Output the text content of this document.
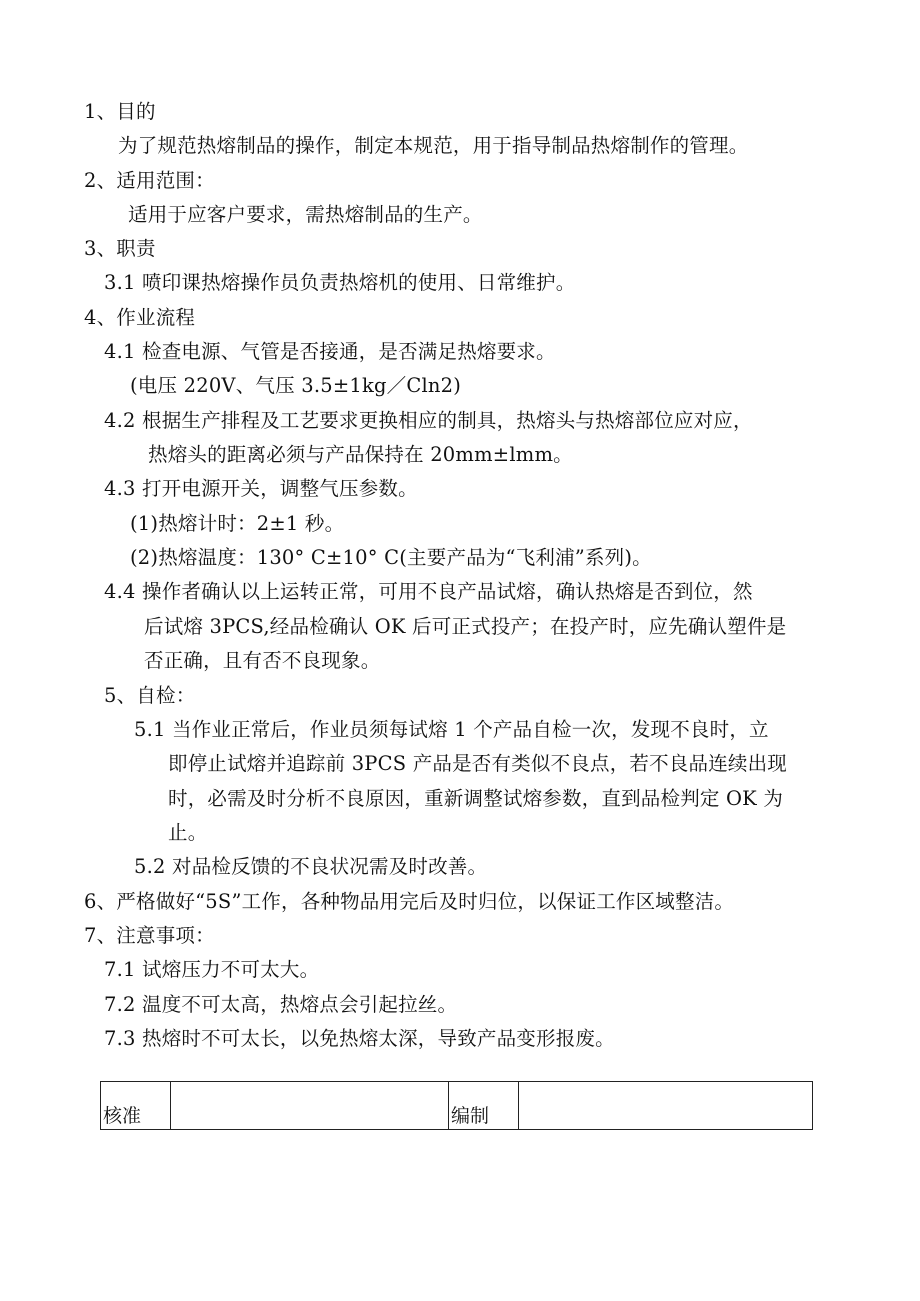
1、目的
为了规范热熔制品的操作，制定本规范，用于指导制品热熔制作的管理。
2、适用范围：
适用于应客户要求，需热熔制品的生产。
3、职责
3.1 喷印课热熔操作员负责热熔机的使用、日常维护。
4、作业流程
4.1 检查电源、气管是否接通，是否满足热熔要求。
(电压 220V、气压 3.5±1kg／Cln2)
4.2 根据生产排程及工艺要求更换相应的制具，热熔头与热熔部位应对应，
热熔头的距离必须与产品保持在 20mm±lmm。
4.3 打开电源开关，调整气压参数。
(1)热熔计时：2±1 秒。
(2)热熔温度：130° C±10° C(主要产品为“飞利浦”系列)。
4.4 操作者确认以上运转正常，可用不良产品试熔，确认热熔是否到位，然
后试熔 3PCS,经品检确认 OK 后可正式投产；在投产时，应先确认塑件是
否正确，且有否不良现象。
5、自检：
5.1 当作业正常后，作业员须每试熔 1 个产品自检一次，发现不良时，立
即停止试熔并追踪前 3PCS 产品是否有类似不良点，若不良品连续出现
时，必需及时分析不良原因，重新调整试熔参数，直到品检判定 OK 为
止。
5.2 对品检反馈的不良状况需及时改善。
6、严格做好“5S”工作，各种物品用完后及时归位，以保证工作区域整洁。
7、注意事项：
7.1 试熔压力不可太大。
7.2 温度不可太高，热熔点会引起拉丝。
7.3 热熔时不可太长，以免热熔太深，导致产品变形报废。
核准		编制	
